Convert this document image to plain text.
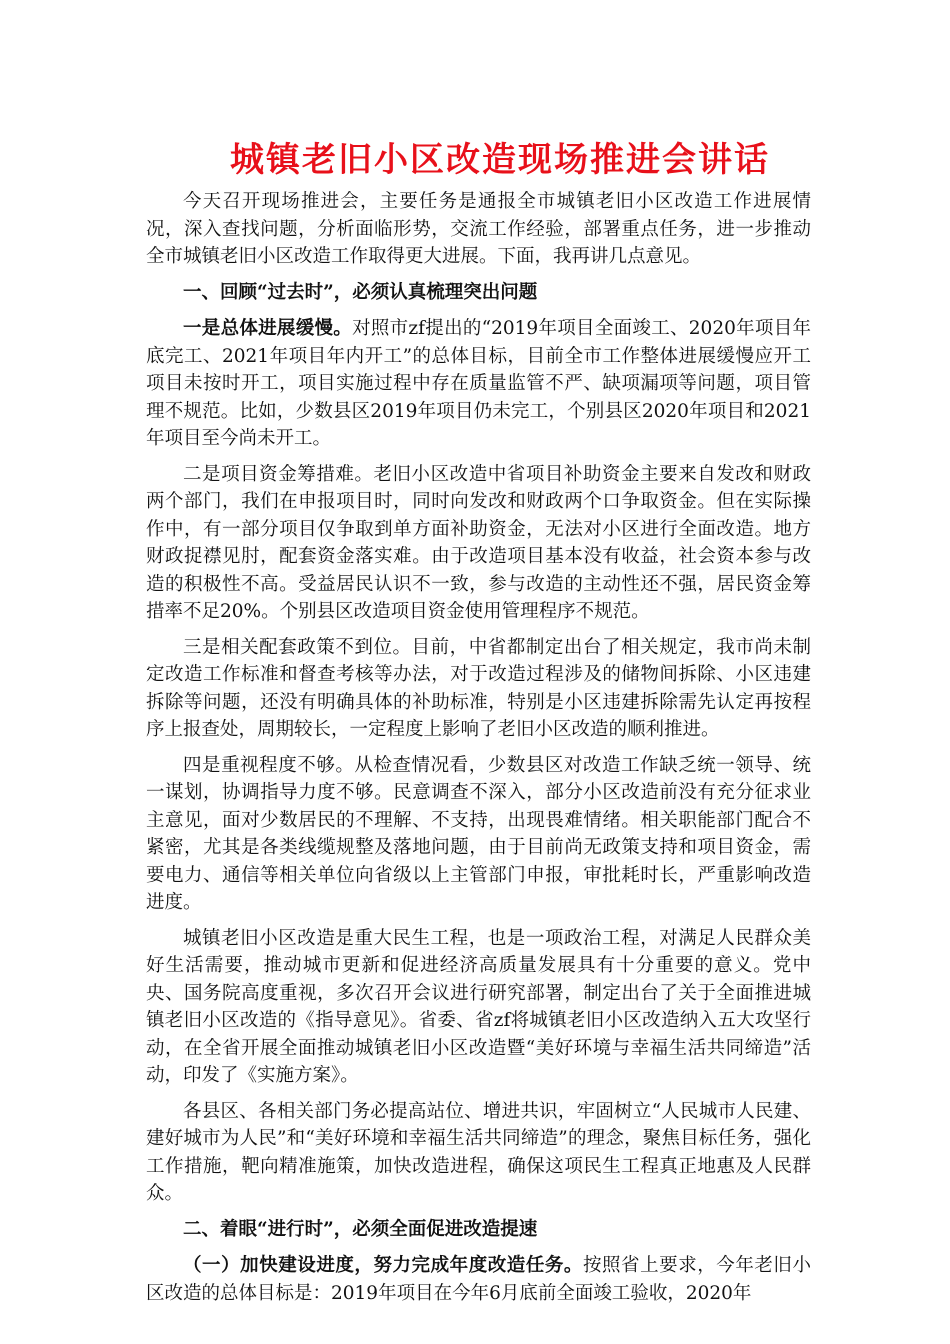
城镇老旧小区改造现场推进会讲话

今天召开现场推进会，主要任务是通报全市城镇老旧小区改造工作进展情况，深入查找问题，分析面临形势，交流工作经验，部署重点任务，进一步推动全市城镇老旧小区改造工作取得更大进展。下面，我再讲几点意见。

一、回顾“过去时”，必须认真梳理突出问题

一是总体进展缓慢。对照市zf提出的“2019年项目全面竣工、2020年项目年底完工、2021年项目年内开工”的总体目标，目前全市工作整体进展缓慢应开工项目未按时开工，项目实施过程中存在质量监管不严、缺项漏项等问题，项目管理不规范。比如，少数县区2019年项目仍未完工，个别县区2020年项目和2021年项目至今尚未开工。

二是项目资金筹措难。老旧小区改造中省项目补助资金主要来自发改和财政两个部门，我们在申报项目时，同时向发改和财政两个口争取资金。但在实际操作中，有一部分项目仅争取到单方面补助资金，无法对小区进行全面改造。地方财政捉襟见肘，配套资金落实难。由于改造项目基本没有收益，社会资本参与改造的积极性不高。受益居民认识不一致，参与改造的主动性还不强，居民资金筹措率不足20%。个别县区改造项目资金使用管理程序不规范。

三是相关配套政策不到位。目前，中省都制定出台了相关规定，我市尚未制定改造工作标准和督查考核等办法，对于改造过程涉及的储物间拆除、小区违建拆除等问题，还没有明确具体的补助标准，特别是小区违建拆除需先认定再按程序上报查处，周期较长，一定程度上影响了老旧小区改造的顺利推进。

四是重视程度不够。从检查情况看，少数县区对改造工作缺乏统一领导、统一谋划，协调指导力度不够。民意调查不深入，部分小区改造前没有充分征求业主意见，面对少数居民的不理解、不支持，出现畏难情绪。相关职能部门配合不紧密，尤其是各类线缆规整及落地问题，由于目前尚无政策支持和项目资金，需要电力、通信等相关单位向省级以上主管部门申报，审批耗时长，严重影响改造进度。

城镇老旧小区改造是重大民生工程，也是一项政治工程，对满足人民群众美好生活需要，推动城市更新和促进经济高质量发展具有十分重要的意义。党中央、国务院高度重视，多次召开会议进行研究部署，制定出台了关于全面推进城镇老旧小区改造的《指导意见》。省委、省zf将城镇老旧小区改造纳入五大攻坚行动，在全省开展全面推动城镇老旧小区改造暨“美好环境与幸福生活共同缔造”活动，印发了《实施方案》。

各县区、各相关部门务必提高站位、增进共识，牢固树立“人民城市人民建、建好城市为人民”和“美好环境和幸福生活共同缔造”的理念，聚焦目标任务，强化工作措施，靶向精准施策，加快改造进程，确保这项民生工程真正地惠及人民群众。

二、着眼“进行时”，必须全面促进改造提速

（一）加快建设进度，努力完成年度改造任务。按照省上要求，今年老旧小区改造的总体目标是：2019年项目在今年6月底前全面竣工验收，2020年
